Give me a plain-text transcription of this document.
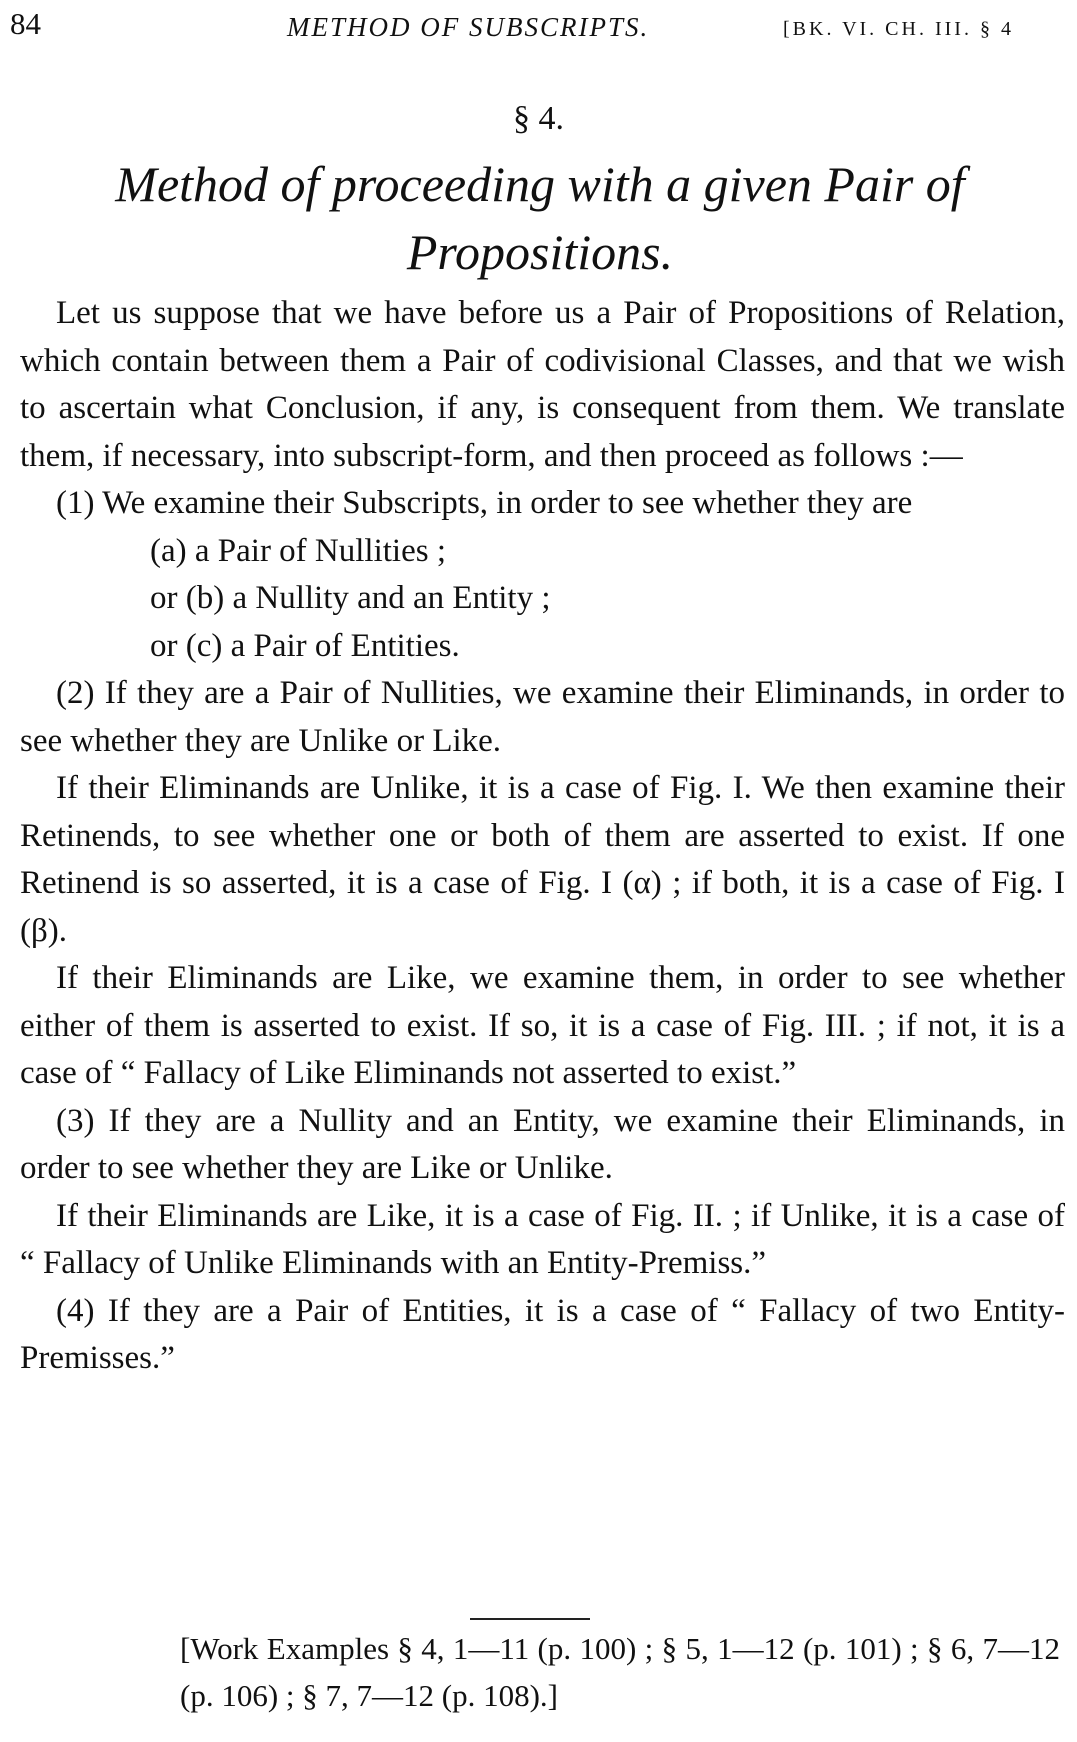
84	METHOD OF SUBSCRIPTS.	[BK. VI. CH. III. § 4
§ 4.
Method of proceeding with a given Pair of Propositions.

Let us suppose that we have before us a Pair of Propositions of Relation, which contain between them a Pair of codivisional Classes, and that we wish to ascertain what Conclusion, if any, is consequent from them. We translate them, if necessary, into subscript-form, and then proceed as follows :—

(1) We examine their Subscripts, in order to see whether they are

(a) a Pair of Nullities ;

or (b) a Nullity and an Entity ;

or (c) a Pair of Entities.

(2) If they are a Pair of Nullities, we examine their Eliminands, in order to see whether they are Unlike or Like.

If their Eliminands are Unlike, it is a case of Fig. I. We then examine their Retinends, to see whether one or both of them are asserted to exist. If one Retinend is so asserted, it is a case of Fig. I (α) ; if both, it is a case of Fig. I (β).

If their Eliminands are Like, we examine them, in order to see whether either of them is asserted to exist. If so, it is a case of Fig. III. ; if not, it is a case of “ Fallacy of Like Eliminands not asserted to exist.”

(3) If they are a Nullity and an Entity, we examine their Eliminands, in order to see whether they are Like or Unlike.

If their Eliminands are Like, it is a case of Fig. II. ; if Unlike, it is a case of “ Fallacy of Unlike Eliminands with an Entity-Premiss.”

(4) If they are a Pair of Entities, it is a case of “ Fallacy of two Entity-Premisses.”

[Work Examples § 4, 1—11 (p. 100) ; § 5, 1—12 (p. 101) ; § 6, 7—12 (p. 106) ; § 7, 7—12 (p. 108).]
